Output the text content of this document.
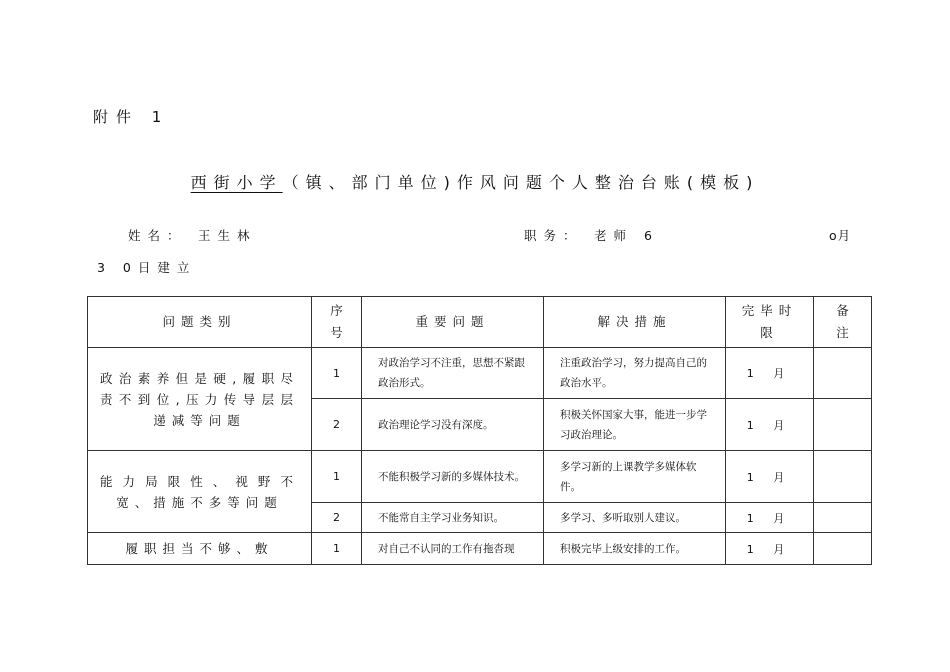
附件 1
西街小学（镇、部门单位)作风问题个人整治台账(模板)
姓名： 王生林	职务： 老师 6	ο月
3 0日建立
问题类别	序号	重要问题	解决措施	完毕时限	备注
政治素养但是硬,履职尽责不到位,压力传导层层递减等问题	1	对政治学习不注重，思想不紧跟政治形式。	注重政治学习，努力提高自己的政治水平。	1 月	
	2	政治理论学习没有深度。	积极关怀国家大事，能进一步学习政治理论。	1 月	
能力局限性、视野不宽、措施不多等问题	1	不能积极学习新的多媒体技术。	多学习新的上课教学多媒体软件。	1 月	
	2	不能常自主学习业务知识。	多学习、多听取别人建议。	1 月	
履职担当不够、敷	1	对自己不认同的工作有拖沓现	积极完毕上级安排的工作。	1 月	
